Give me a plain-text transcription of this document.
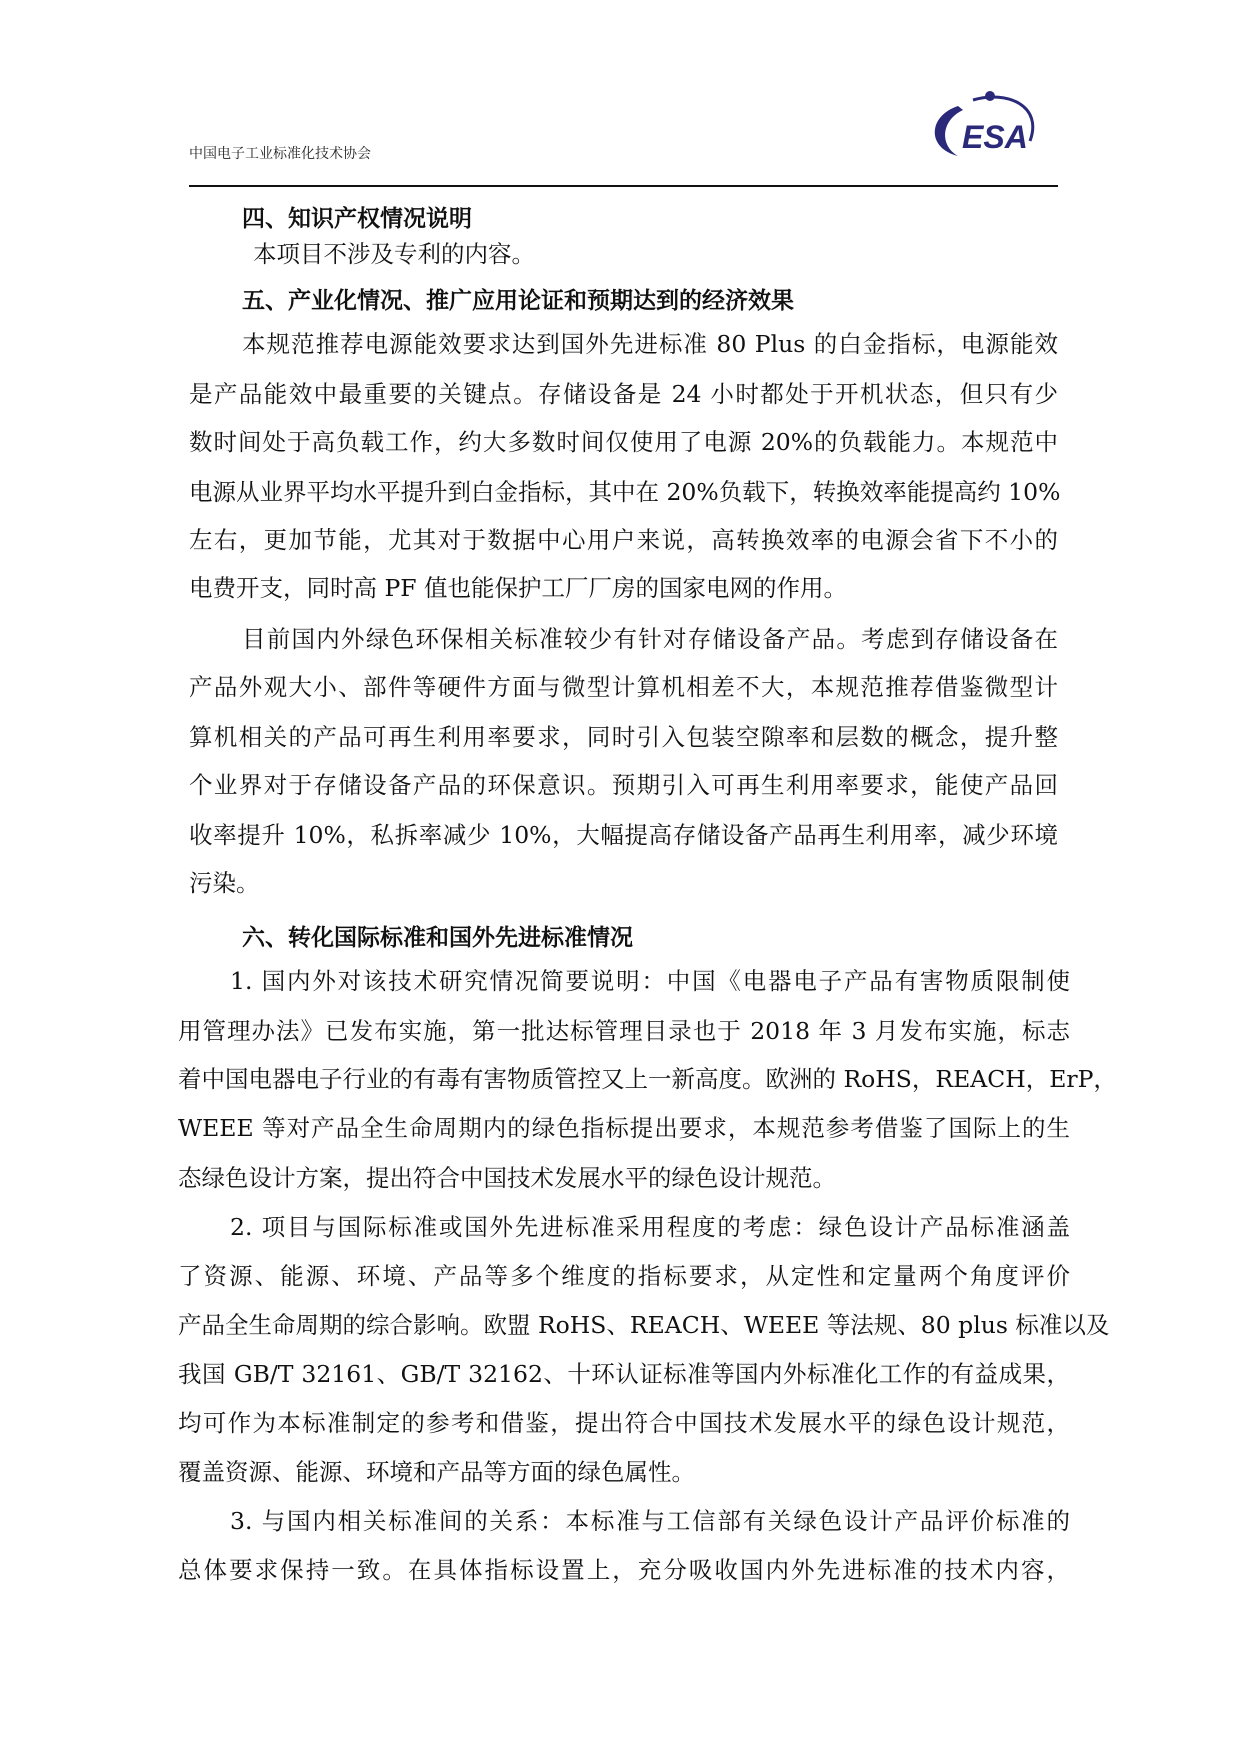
中国电子工业标准化技术协会	ESA
四、知识产权情况说明
本项目不涉及专利的内容。
五、产业化情况、推广应用论证和预期达到的经济效果
本规范推荐电源能效要求达到国外先进标准 80 Plus 的白金指标，电源能效
是产品能效中最重要的关键点。存储设备是 24 小时都处于开机状态，但只有少
数时间处于高负载工作，约大多数时间仅使用了电源 20%的负载能力。本规范中
电源从业界平均水平提升到白金指标，其中在 20%负载下，转换效率能提高约 10%
左右，更加节能，尤其对于数据中心用户来说，高转换效率的电源会省下不小的
电费开支，同时高 PF 值也能保护工厂厂房的国家电网的作用。
目前国内外绿色环保相关标准较少有针对存储设备产品。考虑到存储设备在
产品外观大小、部件等硬件方面与微型计算机相差不大，本规范推荐借鉴微型计
算机相关的产品可再生利用率要求，同时引入包装空隙率和层数的概念，提升整
个业界对于存储设备产品的环保意识。预期引入可再生利用率要求，能使产品回
收率提升 10%，私拆率减少 10%，大幅提高存储设备产品再生利用率，减少环境
污染。
六、转化国际标准和国外先进标准情况
1. 国内外对该技术研究情况简要说明：中国《电器电子产品有害物质限制使
用管理办法》已发布实施，第一批达标管理目录也于 2018 年 3 月发布实施，标志
着中国电器电子行业的有毒有害物质管控又上一新高度。欧洲的 RoHS，REACH，ErP，
WEEE 等对产品全生命周期内的绿色指标提出要求，本规范参考借鉴了国际上的生
态绿色设计方案，提出符合中国技术发展水平的绿色设计规范。
2. 项目与国际标准或国外先进标准采用程度的考虑：绿色设计产品标准涵盖
了资源、能源、环境、产品等多个维度的指标要求，从定性和定量两个角度评价
产品全生命周期的综合影响。欧盟 RoHS、REACH、WEEE 等法规、80 plus 标准以及
我国 GB/T 32161、GB/T 32162、十环认证标准等国内外标准化工作的有益成果，
均可作为本标准制定的参考和借鉴，提出符合中国技术发展水平的绿色设计规范，
覆盖资源、能源、环境和产品等方面的绿色属性。
3. 与国内相关标准间的关系：本标准与工信部有关绿色设计产品评价标准的
总体要求保持一致。在具体指标设置上，充分吸收国内外先进标准的技术内容，
